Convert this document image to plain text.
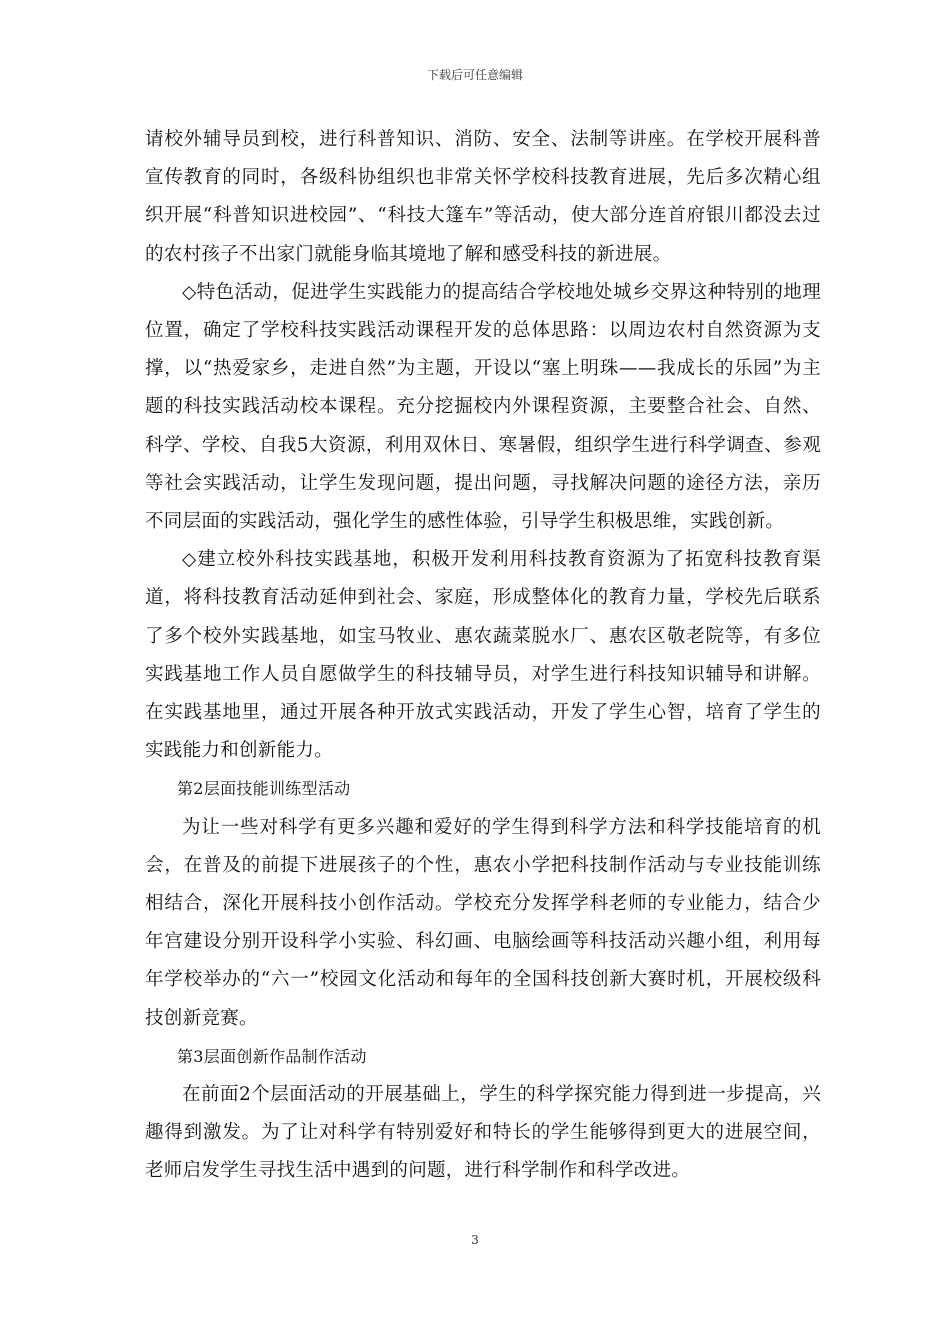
下载后可任意编辑

请校外辅导员到校，进行科普知识、消防、安全、法制等讲座。在学校开展科普宣传教育的同时，各级科协组织也非常关怀学校科技教育进展，先后多次精心组织开展“科普知识进校园”、“科技大篷车”等活动，使大部分连首府银川都没去过的农村孩子不出家门就能身临其境地了解和感受科技的新进展。

◇特色活动，促进学生实践能力的提高结合学校地处城乡交界这种特别的地理位置，确定了学校科技实践活动课程开发的总体思路：以周边农村自然资源为支撑，以“热爱家乡，走进自然”为主题，开设以“塞上明珠——我成长的乐园”为主题的科技实践活动校本课程。充分挖掘校内外课程资源，主要整合社会、自然、科学、学校、自我5大资源，利用双休日、寒暑假，组织学生进行科学调查、参观等社会实践活动，让学生发现问题，提出问题，寻找解决问题的途径方法，亲历不同层面的实践活动，强化学生的感性体验，引导学生积极思维，实践创新。

◇建立校外科技实践基地，积极开发利用科技教育资源为了拓宽科技教育渠道，将科技教育活动延伸到社会、家庭，形成整体化的教育力量，学校先后联系了多个校外实践基地，如宝马牧业、惠农蔬菜脱水厂、惠农区敬老院等，有多位实践基地工作人员自愿做学生的科技辅导员，对学生进行科技知识辅导和讲解。在实践基地里，通过开展各种开放式实践活动，开发了学生心智，培育了学生的实践能力和创新能力。

第2层面技能训练型活动

为让一些对科学有更多兴趣和爱好的学生得到科学方法和科学技能培育的机会，在普及的前提下进展孩子的个性，惠农小学把科技制作活动与专业技能训练相结合，深化开展科技小创作活动。学校充分发挥学科老师的专业能力，结合少年宫建设分别开设科学小实验、科幻画、电脑绘画等科技活动兴趣小组，利用每年学校举办的“六一”校园文化活动和每年的全国科技创新大赛时机，开展校级科技创新竞赛。

第3层面创新作品制作活动

在前面2个层面活动的开展基础上，学生的科学探究能力得到进一步提高，兴趣得到激发。为了让对科学有特别爱好和特长的学生能够得到更大的进展空间，老师启发学生寻找生活中遇到的问题，进行科学制作和科学改进。

3
